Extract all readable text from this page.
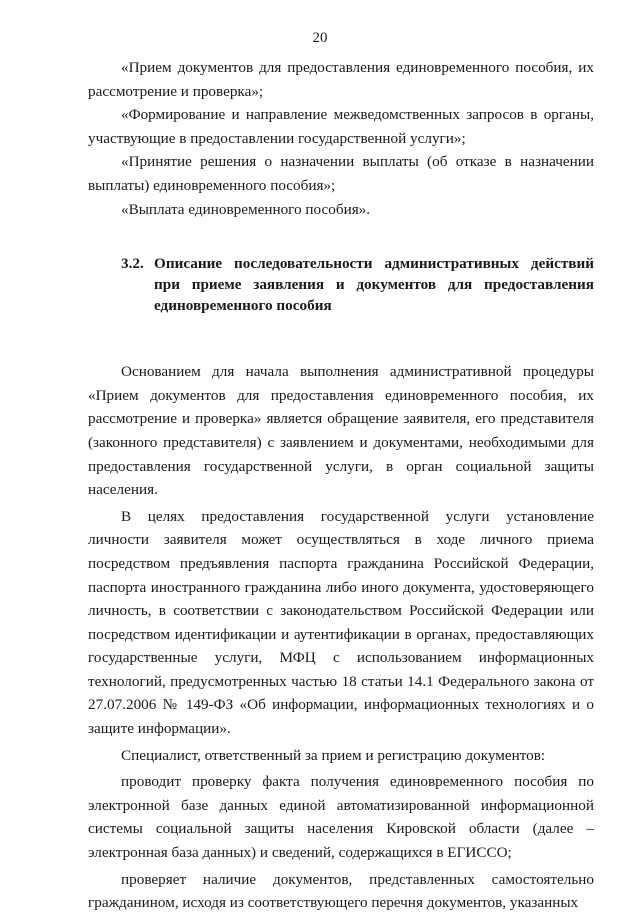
20

«Прием документов для предоставления единовременного пособия, их рассмотрение и проверка»;

«Формирование и направление межведомственных запросов в органы, участвующие в предоставлении государственной услуги»;

«Принятие решения о назначении выплаты (об отказе в назначении выплаты) единовременного пособия»;

«Выплата единовременного пособия».

3.2. Описание последовательности административных действий при приеме заявления и документов для предоставления единовременного пособия

Основанием для начала выполнения административной процедуры «Прием документов для предоставления единовременного пособия, их рассмотрение и проверка» является обращение заявителя, его представителя (законного представителя) с заявлением и документами, необходимыми для предоставления государственной услуги, в орган социальной защиты населения.

В целях предоставления государственной услуги установление личности заявителя может осуществляться в ходе личного приема посредством предъявления паспорта гражданина Российской Федерации, паспорта иностранного гражданина либо иного документа, удостоверяющего личность, в соответствии с законодательством Российской Федерации или посредством идентификации и аутентификации в органах, предоставляющих государственные услуги, МФЦ с использованием информационных технологий, предусмотренных частью 18 статьи 14.1 Федерального закона от 27.07.2006 № 149-ФЗ «Об информации, информационных технологиях и о защите информации».

Специалист, ответственный за прием и регистрацию документов:

проводит проверку факта получения единовременного пособия по электронной базе данных единой автоматизированной информационной системы социальной защиты населения Кировской области (далее – электронная база данных) и сведений, содержащихся в ЕГИССО;

проверяет наличие документов, представленных самостоятельно гражданином, исходя из соответствующего перечня документов, указанных
